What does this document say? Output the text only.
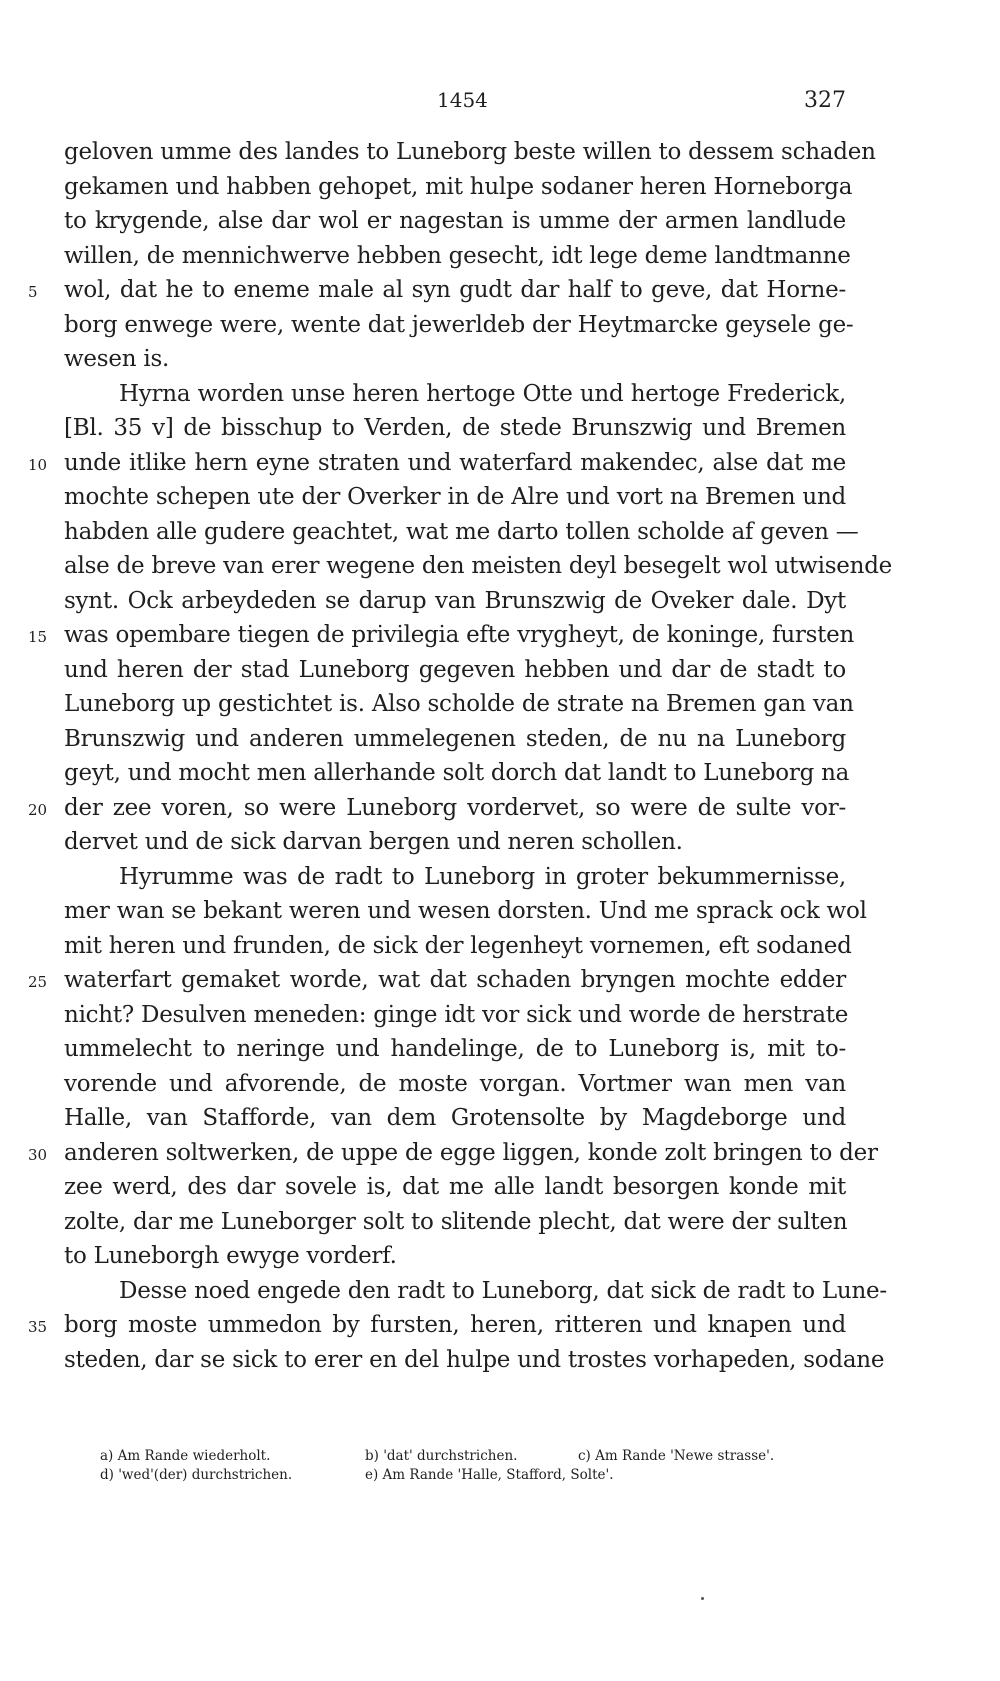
1454	327
geloven umme des landes to Luneborg beste willen to dessem schaden
gekamen und habben gehopet, mit hulpe sodaner heren Horneborga
to krygende, alse dar wol er nagestan is umme der armen landlude
willen, de mennichwerve hebben gesecht, idt lege deme landtmanne
5	wol, dat he to eneme male al syn gudt dar half to geve, dat Horne-
borg enwege were, wente dat jewerldeb der Heytmarcke geysele ge-
wesen is.
Hyrna worden unse heren hertoge Otte und hertoge Frederick,
[Bl. 35 v] de bisschup to Verden, de stede Brunszwig und Bremen
10 unde itlike hern eyne straten und waterfard makendec, alse dat me
mochte schepen ute der Overker in de Alre und vort na Bremen und
habden alle gudere geachtet, wat me darto tollen scholde af geven —
alse de breve van erer wegene den meisten deyl besegelt wol utwisende
synt. Ock arbeydeden se darup van Brunszwig de Oveker dale. Dyt
15 was opembare tiegen de privilegia efte vryghеyt, de koninge, fursten
und heren der stad Luneborg gegeven hebben und dar de stadt to
Luneborg up gestichtet is. Also scholde de strate na Bremen gan van
Brunszwig und anderen ummelegenen steden, de nu na Luneborg
geyt, und mocht men allerhande solt dorch dat landt to Luneborg na
20 der zee voren, so were Luneborg vordervet, so were de sulte vor-
dervet und de sick darvan bergen und neren schollen.
Hyrumme was de radt to Luneborg in groter bekummernisse,
mer wan se bekant weren und wesen dorsten. Und me sprack ock wol
mit heren und frunden, de sick der legenheyt vornemen, eft sodaned
25 waterfart gemaket worde, wat dat schaden bryngen mochte edder
nicht? Desulven meneden: ginge idt vor sick und worde de herstrate
ummelecht to neringe und handelinge, de to Luneborg is, mit to-
vorende und afvorende, de moste vorgan. Vortmer wan men van
Halle, van Stafforde, van dem Grotensolte by Magdeborge und
30 anderen soltwerken, de uppe de egge liggen, konde zolt bringen to der
zee werd, des dar sovele is, dat me alle landt besorgen konde mit
zolte, dar me Luneborger solt to slitende plecht, dat were der sulten
to Luneborgh ewyge vorderf.
Desse noed engede den radt to Luneborg, dat sick de radt to Lune-
35 borg moste ummedon by fursten, heren, ritteren und knapen und
steden, dar se sick to erer en del hulpe und trostes vorhapeden, sodane
a) Am Rande wiederholt.	b) 'dat' durchstrichen.	c) Am Rande 'Newe strasse'.
d) 'wed'(der) durchstrichen.	e) Am Rande 'Halle, Stafford, Solte'.
